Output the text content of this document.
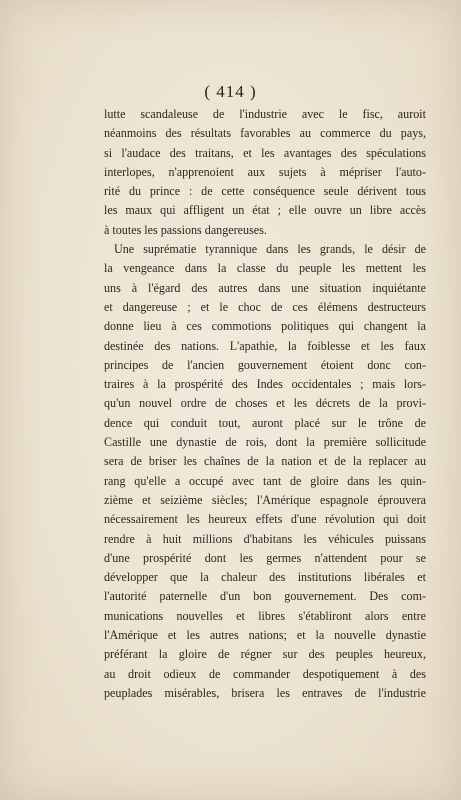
( 414 )
lutte scandaleuse de l'industrie avec le fisc, auroit
néanmoins des résultats favorables au commerce du pays,
si l'audace des traitans, et les avantages des spéculations
interlopes, n'apprenoient aux sujets à mépriser l'auto-
rité du prince : de cette conséquence seule dérivent tous
les maux qui affligent un état ; elle ouvre un libre accès
à toutes les passions dangereuses.
Une suprématie tyrannique dans les grands, le désir de
la vengeance dans la classe du peuple les mettent les
uns à l'égard des autres dans une situation inquiétante
et dangereuse ; et le choc de ces élémens destructeurs
donne lieu à ces commotions politiques qui changent la
destinée des nations. L'apathie, la foiblesse et les faux
principes de l'ancien gouvernement étoient donc con-
traires à la prospérité des Indes occidentales ; mais lors-
qu'un nouvel ordre de choses et les décrets de la provi-
dence qui conduit tout, auront placé sur le trône de
Castille une dynastie de rois, dont la première sollicitude
sera de briser les chaînes de la nation et de la replacer au
rang qu'elle a occupé avec tant de gloire dans les quin-
zième et seizième siècles; l'Amérique espagnole éprouvera
nécessairement les heureux effets d'une révolution qui doit
rendre à huit millions d'habitans les véhicules puissans
d'une prospérité dont les germes n'attendent pour se
développer que la chaleur des institutions libérales et
l'autorité paternelle d'un bon gouvernement. Des com-
munications nouvelles et libres s'établiront alors entre
l'Amérique et les autres nations; et la nouvelle dynastie
préférant la gloire de régner sur des peuples heureux,
au droit odieux de commander despotiquement à des
peuplades misérables, brisera les entraves de l'industrie
